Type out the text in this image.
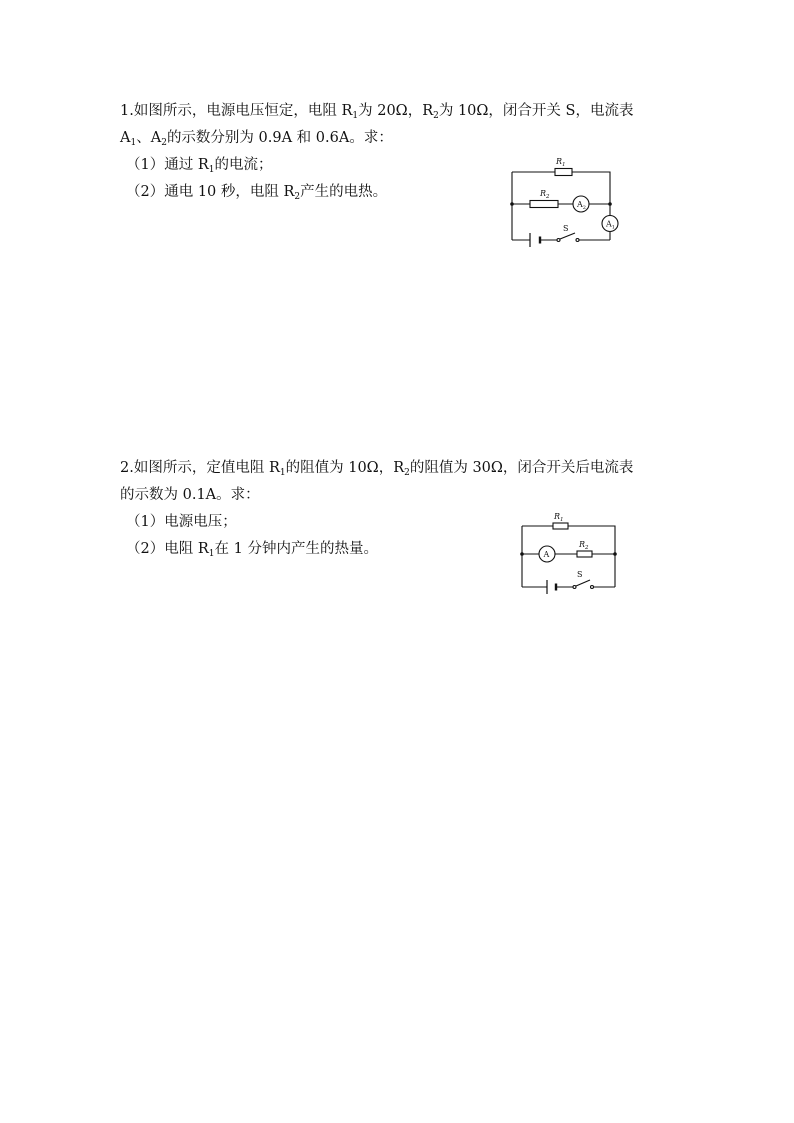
1.如图所示，电源电压恒定，电阻 $R_1$为 20Ω，$R_2$为 10Ω，闭合开关 S，电流表
$A_1$、$A_2$的示数分别为 0.9A 和 0.6A。求：
（1）通过 $R_1$的电流；
（2）通电 10 秒，电阻 $R_2$产生的电热。
$R_1$
$R_2$
$A_2$
$A_1$
S
2.如图所示，定值电阻 $R_1$的阻值为 10Ω，$R_2$的阻值为 30Ω，闭合开关后电流表
的示数为 0.1A。求：
（1）电源电压；
（2）电阻 $R_1$在 1 分钟内产生的热量。
$R_1$
A
$R_2$
S
